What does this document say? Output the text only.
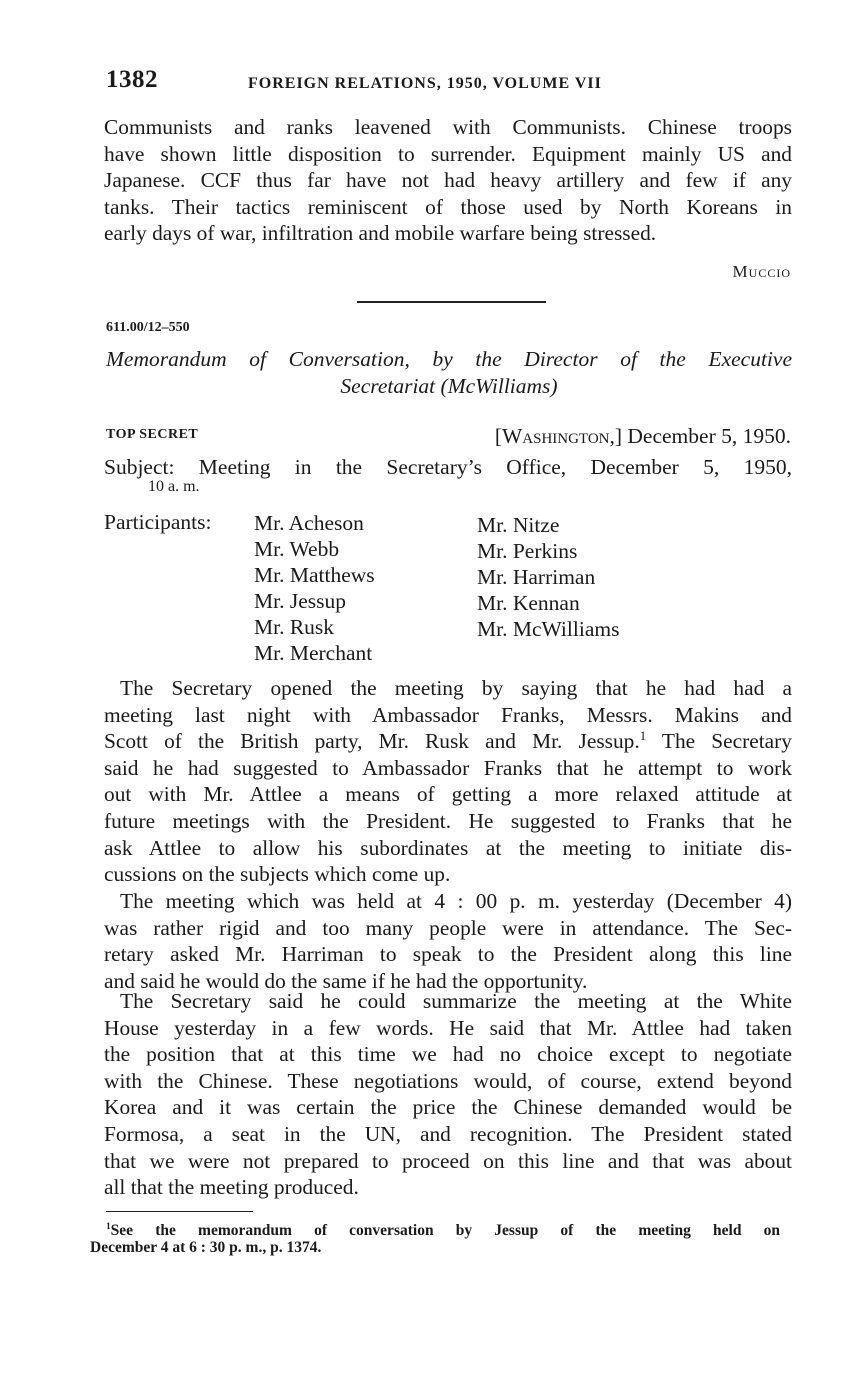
1382	FOREIGN RELATIONS, 1950, VOLUME VII

Communists and ranks leavened with Communists. Chinese troops
have shown little disposition to surrender. Equipment mainly US and
Japanese. CCF thus far have not had heavy artillery and few if any
tanks. Their tactics reminiscent of those used by North Koreans in
early days of war, infiltration and mobile warfare being stressed.

Muccio
611.00/12–550
Memorandum of Conversation, by the Director of the Executive
Secretariat (McWilliams)
TOP SECRET	[Washington,] December 5, 1950.
Subject: Meeting in the Secretary’s Office, December 5, 1950,
10 a. m.
Participants: Mr. Acheson
Mr. Webb
Mr. Matthews
Mr. Jessup
Mr. Rusk
Mr. Merchant
Mr. Nitze
Mr. Perkins
Mr. Harriman
Mr. Kennan
Mr. McWilliams

The Secretary opened the meeting by saying that he had had a
meeting last night with Ambassador Franks, Messrs. Makins and
Scott of the British party, Mr. Rusk and Mr. Jessup.$^1$ The Secretary
said he had suggested to Ambassador Franks that he attempt to work
out with Mr. Attlee a means of getting a more relaxed attitude at
future meetings with the President. He suggested to Franks that he
ask Attlee to allow his subordinates at the meeting to initiate dis-
cussions on the subjects which come up.

The meeting which was held at 4 : 00 p. m. yesterday (December 4)
was rather rigid and too many people were in attendance. The Sec-
retary asked Mr. Harriman to speak to the President along this line
and said he would do the same if he had the opportunity.

The Secretary said he could summarize the meeting at the White
House yesterday in a few words. He said that Mr. Attlee had taken
the position that at this time we had no choice except to negotiate
with the Chinese. These negotiations would, of course, extend beyond
Korea and it was certain the price the Chinese demanded would be
Formosa, a seat in the UN, and recognition. The President stated
that we were not prepared to proceed on this line and that was about
all that the meeting produced.

$^1$See the memorandum of conversation by Jessup of the meeting held on
December 4 at 6 : 30 p. m., p. 1374.
